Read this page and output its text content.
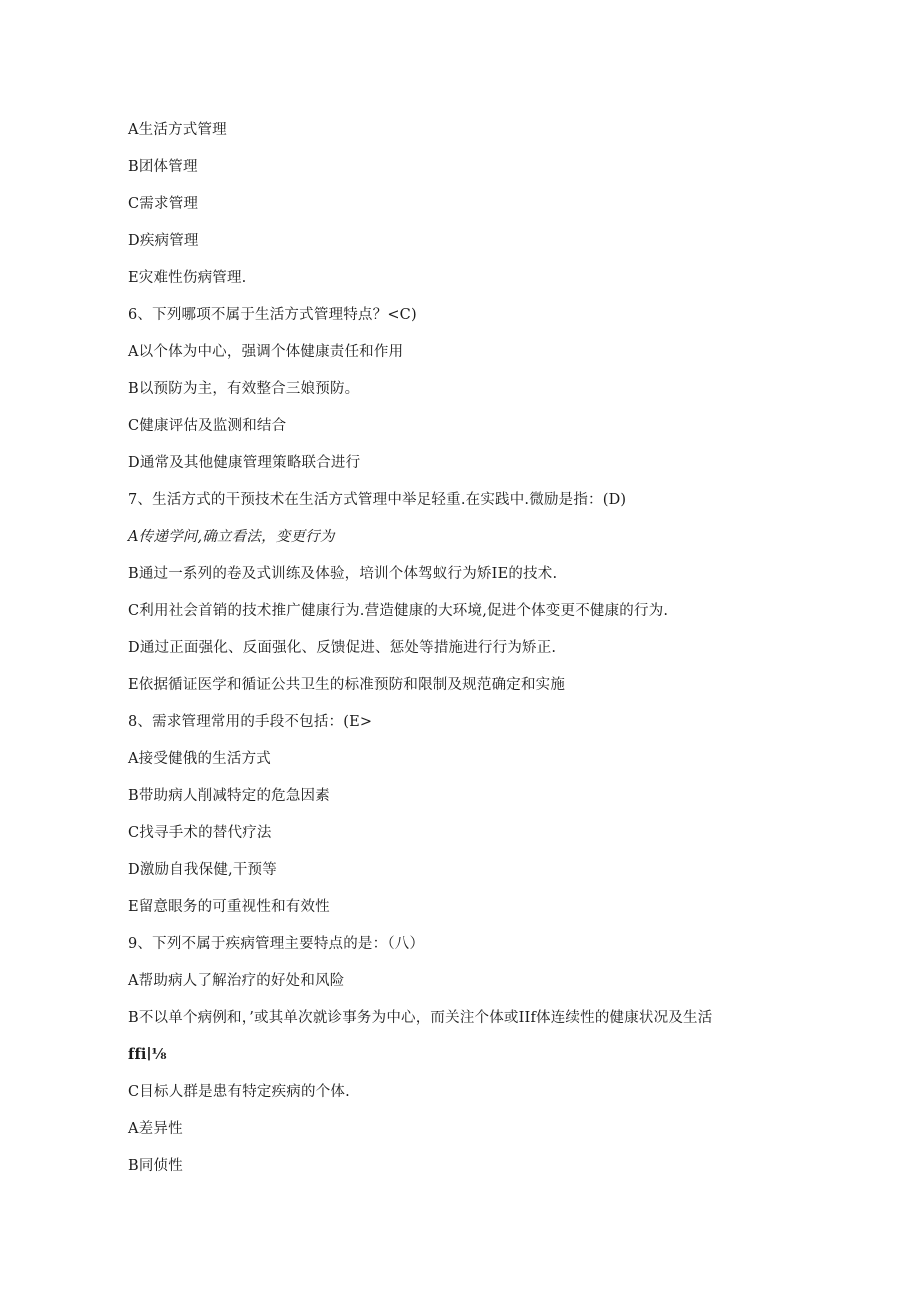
A生活方式管理
B团体管理
C需求管理
D疾病管理
E灾难性伤病管理.
6、下列哪项不属于生活方式管理特点？<C)
A以个体为中心，强调个体健康责任和作用
B以预防为主，有效整合三娘预防。
C健康评估及监测和结合
D通常及其他健康管理策略联合进行
7、生活方式的干预技术在生活方式管理中举足轻重.在实践中.微励是指：(D)
A传递学问,确立看法，变更行为
B通过一系列的卷及式训练及体验，培训个体驾蚁行为矫IE的技术.
C利用社会首销的技术推广健康行为.营造健康的大环境,促进个体变更不健康的行为.
D通过正面强化、反面强化、反馈促进、惩处等措施进行行为矫正.
E依据循证医学和循证公共卫生的标准预防和限制及规范确定和实施
8、需求管理常用的手段不包括：(E>
A接受健俄的生活方式
B带助病人削减特定的危急因素
C找寻手术的替代疗法
D激励自我保健,干预等
E留意眼务的可重视性和有效性
9、下列不属于疾病管理主要特点的是：（八）
A帮助病人了解治疗的好处和风险
B不以单个病例和，’或其单次就诊事务为中心，而关注个体或IIf体连续性的健康状况及生活
ffi∣⅛
C目标人群是患有特定疾病的个体.
A差异性
B同侦性
